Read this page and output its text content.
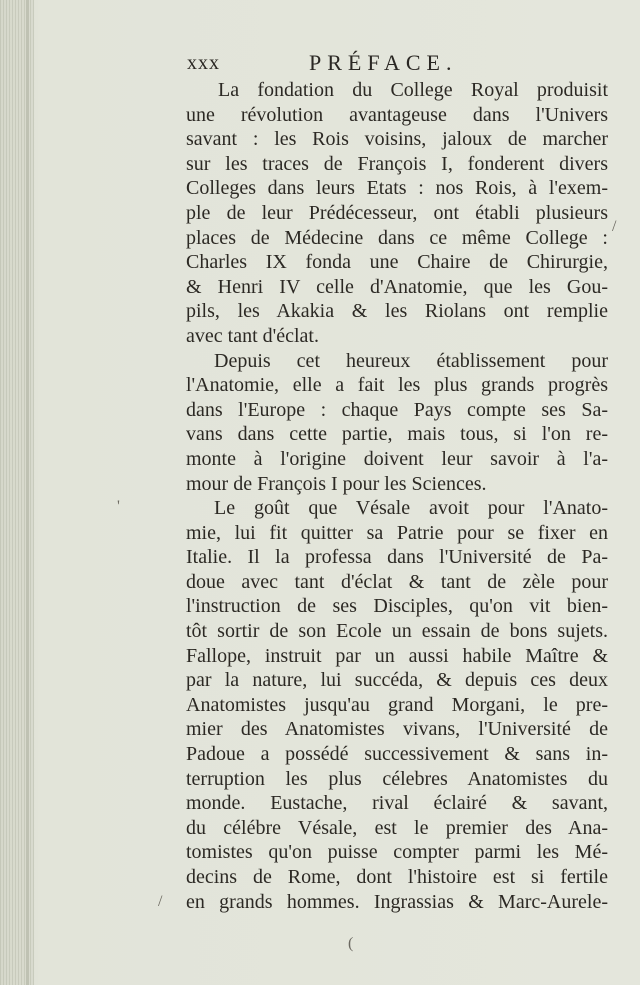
xxx	PRÉFACE.
La fondation du College Royal produisit
une révolution avantageuse dans l'Univers
savant : les Rois voisins, jaloux de marcher
sur les traces de François I, fonderent divers
Colleges dans leurs Etats : nos Rois, à l'exem-
ple de leur Prédécesseur, ont établi plusieurs
places de Médecine dans ce même College :
Charles IX fonda une Chaire de Chirurgie,
& Henri IV celle d'Anatomie, que les Gou-
pils, les Akakia & les Riolans ont remplie
avec tant d'éclat.
Depuis cet heureux établissement pour
l'Anatomie, elle a fait les plus grands progrès
dans l'Europe : chaque Pays compte ses Sa-
vans dans cette partie, mais tous, si l'on re-
monte à l'origine doivent leur savoir à l'a-
mour de François I pour les Sciences.
Le goût que Vésale avoit pour l'Anato-
mie, lui fit quitter sa Patrie pour se fixer en
Italie. Il la professa dans l'Université de Pa-
doue avec tant d'éclat & tant de zèle pour
l'instruction de ses Disciples, qu'on vit bien-
tôt sortir de son Ecole un essain de bons sujets.
Fallope, instruit par un aussi habile Maître &
par la nature, lui succéda, & depuis ces deux
Anatomistes jusqu'au grand Morgani, le pre-
mier des Anatomistes vivans, l'Université de
Padoue a possédé successivement & sans in-
terruption les plus célebres Anatomistes du
monde. Eustache, rival éclairé & savant,
du célébre Vésale, est le premier des Ana-
tomistes qu'on puisse compter parmi les Mé-
decins de Rome, dont l'histoire est si fertile
en grands hommes. Ingrassias & Marc-Aurele-
/
'
/
(
